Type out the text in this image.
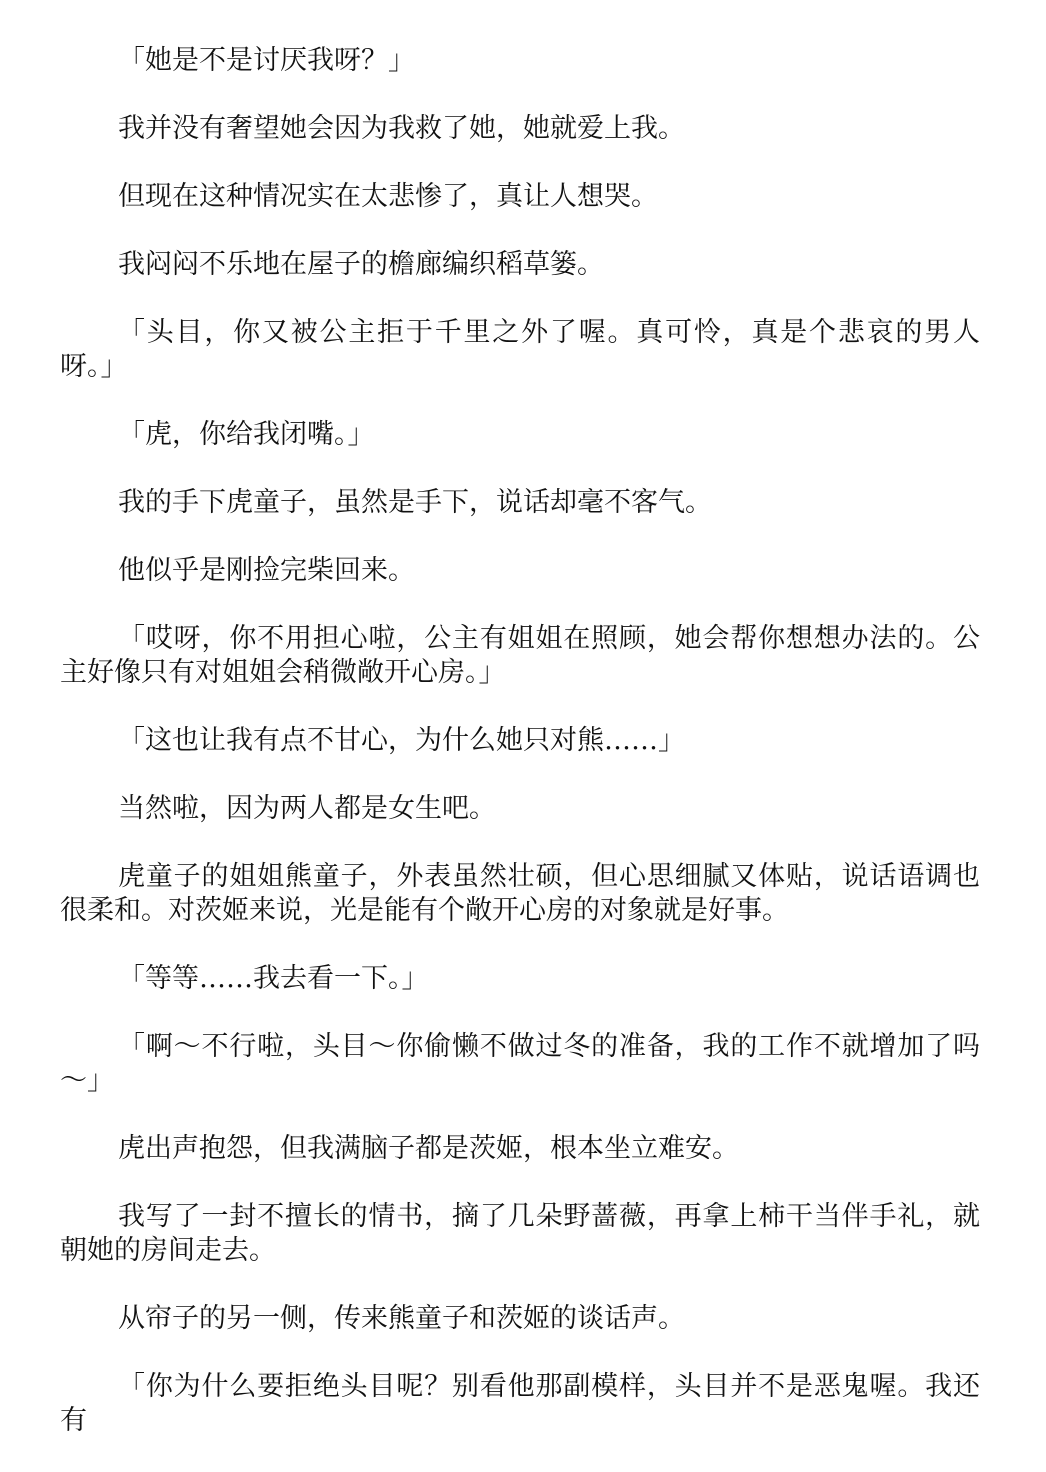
「她是不是讨厌我呀？」

我并没有奢望她会因为我救了她，她就爱上我。

但现在这种情况实在太悲惨了，真让人想哭。

我闷闷不乐地在屋子的檐廊编织稻草篓。

「头目，你又被公主拒于千里之外了喔。真可怜，真是个悲哀的男人呀。」

「虎，你给我闭嘴。」

我的手下虎童子，虽然是手下，说话却毫不客气。

他似乎是刚捡完柴回来。

「哎呀，你不用担心啦，公主有姐姐在照顾，她会帮你想想办法的。公主好像只有对姐姐会稍微敞开心房。」

「这也让我有点不甘心，为什么她只对熊……」

当然啦，因为两人都是女生吧。

虎童子的姐姐熊童子，外表虽然壮硕，但心思细腻又体贴，说话语调也很柔和。对茨姬来说，光是能有个敞开心房的对象就是好事。

「等等……我去看一下。」

「啊～不行啦，头目～你偷懒不做过冬的准备，我的工作不就增加了吗～」

虎出声抱怨，但我满脑子都是茨姬，根本坐立难安。

我写了一封不擅长的情书，摘了几朵野蔷薇，再拿上柿干当伴手礼，就朝她的房间走去。

从帘子的另一侧，传来熊童子和茨姬的谈话声。

「你为什么要拒绝头目呢？别看他那副模样，头目并不是恶鬼喔。我还有
